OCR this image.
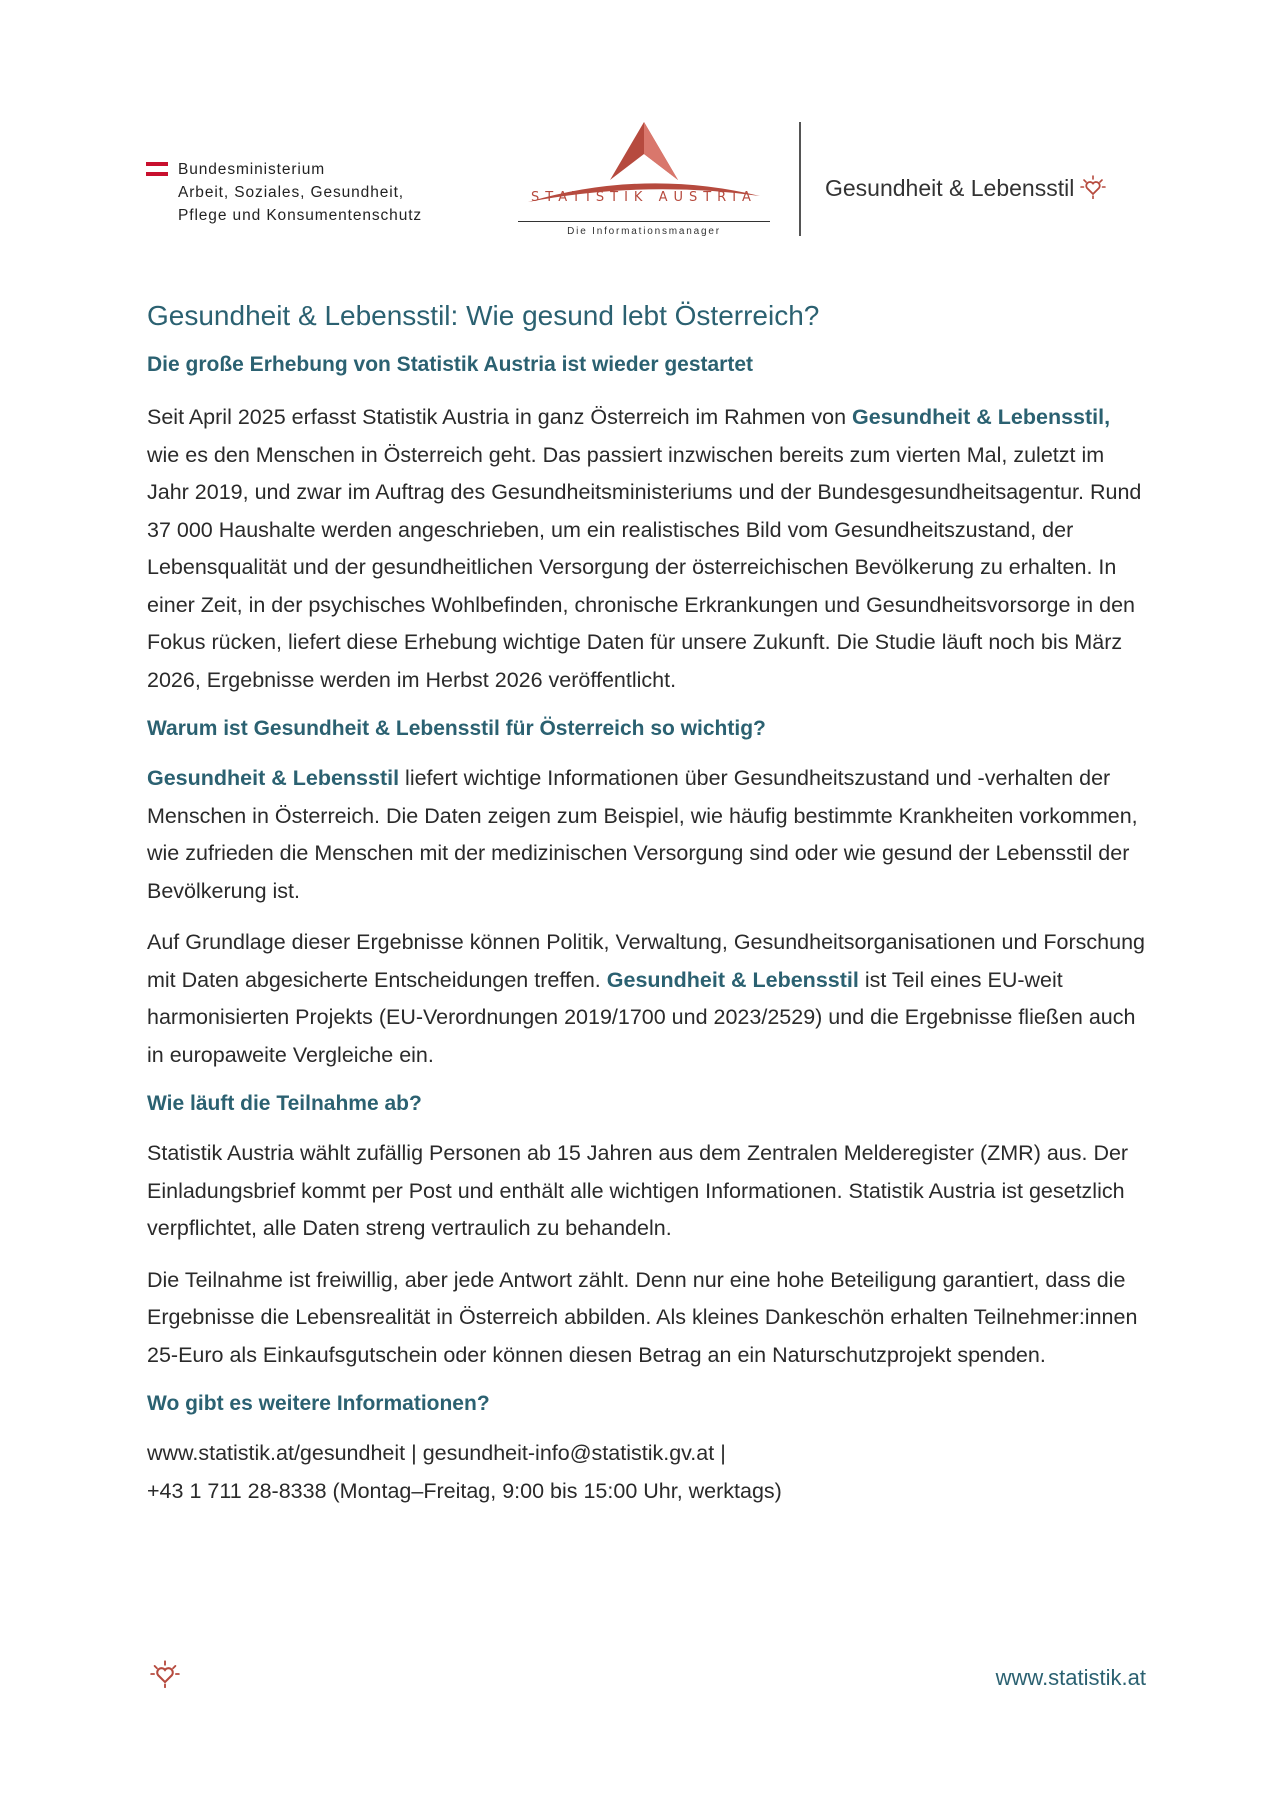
Bundesministerium
Arbeit, Soziales, Gesundheit,
Pflege und Konsumentenschutz
STATISTIK AUSTRIA
Die Informationsmanager
Gesundheit & Lebensstil
Gesundheit & Lebensstil: Wie gesund lebt Österreich?
Die große Erhebung von Statistik Austria ist wieder gestartet

Seit April 2025 erfasst Statistik Austria in ganz Österreich im Rahmen von Gesundheit & Lebensstil, wie es den Menschen in Österreich geht. Das passiert inzwischen bereits zum vierten Mal, zuletzt im Jahr 2019, und zwar im Auftrag des Gesundheitsministeriums und der Bundesgesundheitsagentur. Rund 37 000 Haushalte werden angeschrieben, um ein realistisches Bild vom Gesundheitszustand, der Lebensqualität und der gesundheitlichen Versorgung der österreichischen Bevölkerung zu erhalten. In einer Zeit, in der psychisches Wohlbefinden, chronische Erkrankungen und Gesundheitsvorsorge in den Fokus rücken, liefert diese Erhebung wichtige Daten für unsere Zukunft. Die Studie läuft noch bis März 2026, Ergebnisse werden im Herbst 2026 veröffentlicht.

Warum ist Gesundheit & Lebensstil für Österreich so wichtig?

Gesundheit & Lebensstil liefert wichtige Informationen über Gesundheitszustand und -verhalten der Menschen in Österreich. Die Daten zeigen zum Beispiel, wie häufig bestimmte Krankheiten vorkommen, wie zufrieden die Menschen mit der medizinischen Versorgung sind oder wie gesund der Lebensstil der Bevölkerung ist.

Auf Grundlage dieser Ergebnisse können Politik, Verwaltung, Gesundheitsorganisationen und Forschung mit Daten abgesicherte Entscheidungen treffen. Gesundheit & Lebensstil ist Teil eines EU-weit harmonisierten Projekts (EU-Verordnungen 2019/1700 und 2023/2529) und die Ergebnisse fließen auch in europaweite Vergleiche ein.

Wie läuft die Teilnahme ab?

Statistik Austria wählt zufällig Personen ab 15 Jahren aus dem Zentralen Melderegister (ZMR) aus. Der Einladungsbrief kommt per Post und enthält alle wichtigen Informationen. Statistik Austria ist gesetzlich verpflichtet, alle Daten streng vertraulich zu behandeln.

Die Teilnahme ist freiwillig, aber jede Antwort zählt. Denn nur eine hohe Beteiligung garantiert, dass die Ergebnisse die Lebensrealität in Österreich abbilden. Als kleines Dankeschön erhalten Teilnehmer:innen 25-Euro als Einkaufsgutschein oder können diesen Betrag an ein Naturschutzprojekt spenden.

Wo gibt es weitere Informationen?

www.statistik.at/gesundheit | gesundheit-info@statistik.gv.at |
+43 1 711 28-8338 (Montag–Freitag, 9:00 bis 15:00 Uhr, werktags)

www.statistik.at
